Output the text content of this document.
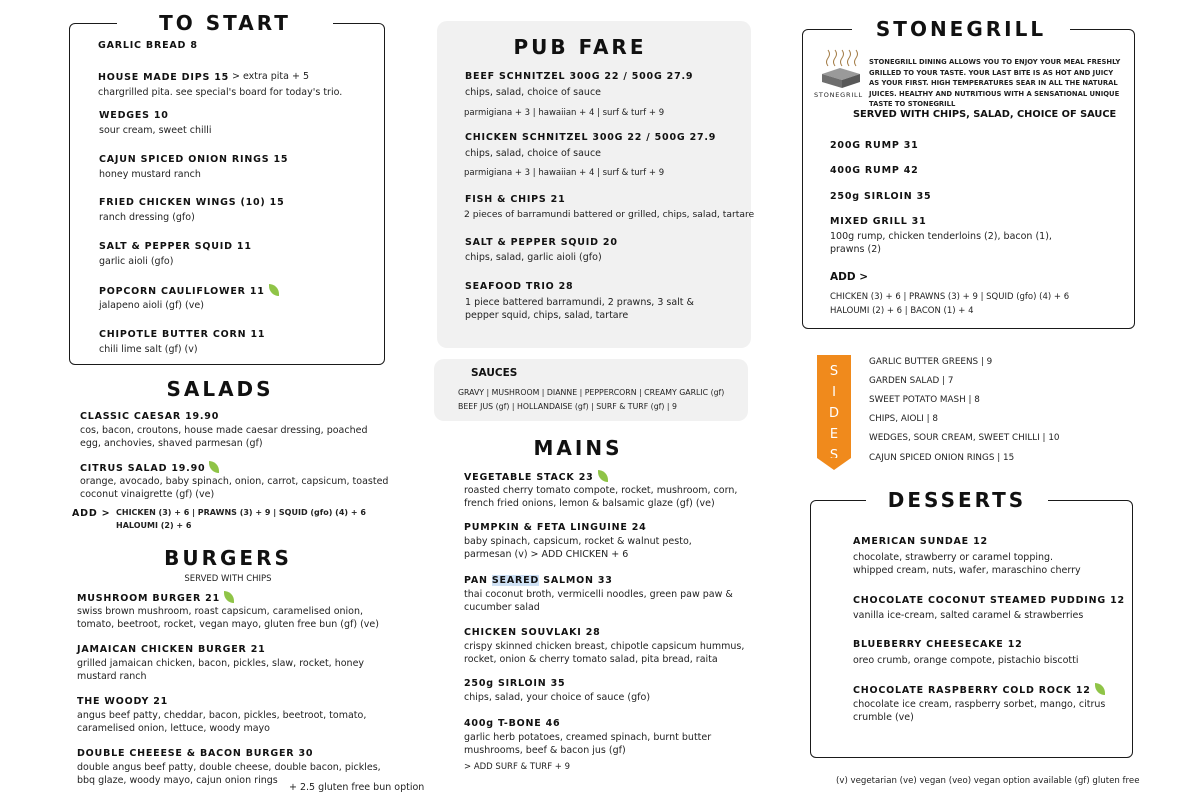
TO START
GARLIC BREAD 8
HOUSE MADE DIPS 15 > extra pita + 5
chargrilled pita. see special's board for today's trio.
WEDGES 10
sour cream, sweet chilli
CAJUN SPICED ONION RINGS 15
honey mustard ranch
FRIED CHICKEN WINGS (10) 15
ranch dressing (gfo)
SALT & PEPPER SQUID 11
garlic aioli (gfo)
POPCORN CAULIFLOWER 11
jalapeno aioli (gf) (ve)
CHIPOTLE BUTTER CORN 11
chili lime salt (gf) (v)
SALADS
CLASSIC CAESAR 19.90
cos, bacon, croutons, house made caesar dressing, poached
egg, anchovies, shaved parmesan (gf)
CITRUS SALAD 19.90
orange, avocado, baby spinach, onion, carrot, capsicum, toasted
coconut vinaigrette (gf) (ve)
ADD > CHICKEN (3) + 6 | PRAWNS (3) + 9 | SQUID (gfo) (4) + 6
HALOUMI (2) + 6
BURGERS
SERVED WITH CHIPS
MUSHROOM BURGER 21
swiss brown mushroom, roast capsicum, caramelised onion,
tomato, beetroot, rocket, vegan mayo, gluten free bun (gf) (ve)
JAMAICAN CHICKEN BURGER 21
grilled jamaican chicken, bacon, pickles, slaw, rocket, honey
mustard ranch
THE WOODY 21
angus beef patty, cheddar, bacon, pickles, beetroot, tomato,
caramelised onion, lettuce, woody mayo
DOUBLE CHEEESE & BACON BURGER 30
double angus beef patty, double cheese, double bacon, pickles,
bbq glaze, woody mayo, cajun onion rings
+ 2.5 gluten free bun option
PUB FARE
BEEF SCHNITZEL 300G 22 / 500G 27.9
chips, salad, choice of sauce
parmigiana + 3 | hawaiian + 4 | surf & turf + 9
CHICKEN SCHNITZEL 300G 22 / 500G 27.9
chips, salad, choice of sauce
parmigiana + 3 | hawaiian + 4 | surf & turf + 9
FISH & CHIPS 21
2 pieces of barramundi battered or grilled, chips, salad, tartare
SALT & PEPPER SQUID 20
chips, salad, garlic aioli (gfo)
SEAFOOD TRIO 28
1 piece battered barramundi, 2 prawns, 3 salt &
pepper squid, chips, salad, tartare
SAUCES
GRAVY | MUSHROOM | DIANNE | PEPPERCORN | CREAMY GARLIC (gf)
BEEF JUS (gf) | HOLLANDAISE (gf) | SURF & TURF (gf) | 9
MAINS
VEGETABLE STACK 23
roasted cherry tomato compote, rocket, mushroom, corn,
french fried onions, lemon & balsamic glaze (gf) (ve)
PUMPKIN & FETA LINGUINE 24
baby spinach, capsicum, rocket & walnut pesto,
parmesan (v) > ADD CHICKEN + 6
PAN SEARED SALMON 33
thai coconut broth, vermicelli noodles, green paw paw &
cucumber salad
CHICKEN SOUVLAKI 28
crispy skinned chicken breast, chipotle capsicum hummus,
rocket, onion & cherry tomato salad, pita bread, raita
250g SIRLOIN 35
chips, salad, your choice of sauce (gfo)
400g T-BONE 46
garlic herb potatoes, creamed spinach, burnt butter
mushrooms, beef & bacon jus (gf)
> ADD SURF & TURF + 9
STONEGRILL
STONEGRILL
STONEGRILL DINING ALLOWS YOU TO ENJOY YOUR MEAL FRESHLY GRILLED TO YOUR TASTE. YOUR LAST BITE IS AS HOT AND JUICY AS YOUR FIRST. HIGH TEMPERATURES SEAR IN ALL THE NATURAL JUICES. HEALTHY AND NUTRITIOUS WITH A SENSATIONAL UNIQUE TASTE TO STONEGRILL
SERVED WITH CHIPS, SALAD, CHOICE OF SAUCE
200G RUMP 31
400G RUMP 42
250g SIRLOIN 35
MIXED GRILL 31
100g rump, chicken tenderloins (2), bacon (1),
prawns (2)
ADD >
CHICKEN (3) + 6 | PRAWNS (3) + 9 | SQUID (gfo) (4) + 6
HALOUMI (2) + 6 | BACON (1) + 4
S
I
D
E
S
GARLIC BUTTER GREENS | 9
GARDEN SALAD | 7
SWEET POTATO MASH | 8
CHIPS, AIOLI | 8
WEDGES, SOUR CREAM, SWEET CHILLI | 10
CAJUN SPICED ONION RINGS | 15
DESSERTS
AMERICAN SUNDAE 12
chocolate, strawberry or caramel topping.
whipped cream, nuts, wafer, maraschino cherry
CHOCOLATE COCONUT STEAMED PUDDING 12
vanilla ice-cream, salted caramel & strawberries
BLUEBERRY CHEESECAKE 12
oreo crumb, orange compote, pistachio biscotti
CHOCOLATE RASPBERRY COLD ROCK 12
chocolate ice cream, raspberry sorbet, mango, citrus
crumble (ve)
(v) vegetarian (ve) vegan (veo) vegan option available (gf) gluten free
